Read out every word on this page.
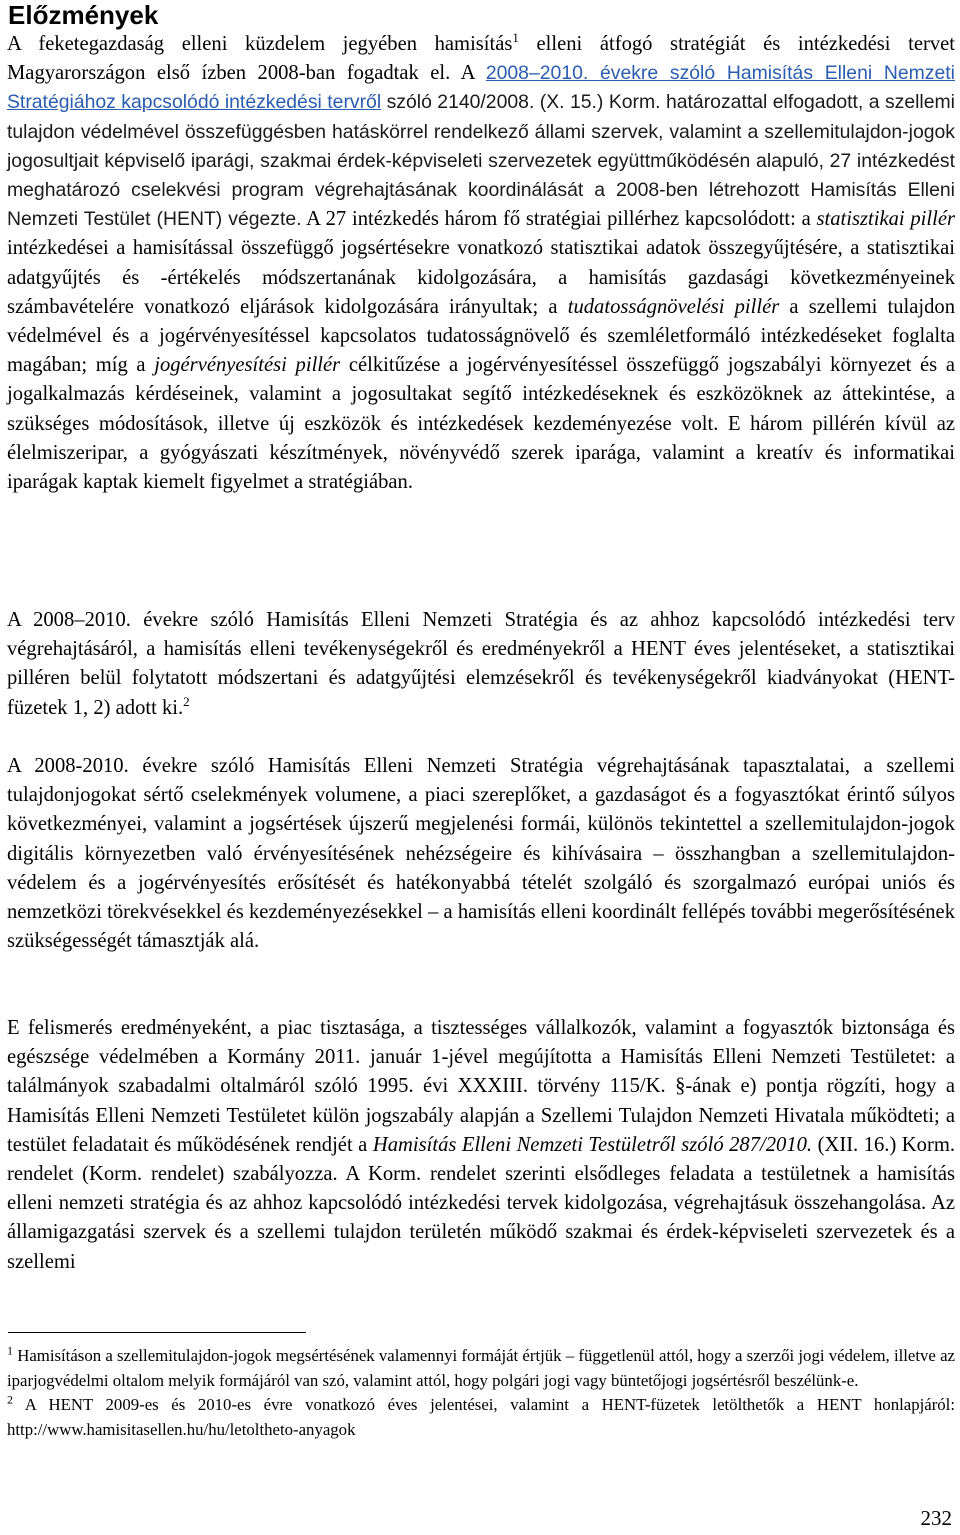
Előzmények

A feketegazdaság elleni küzdelem jegyében hamisítás$^1$ elleni átfogó stratégiát és intézkedési tervet Magyarországon első ízben 2008-ban fogadtak el. A 2008–2010. évekre szóló Hamisítás Elleni Nemzeti Stratégiához kapcsolódó intézkedési tervről szóló 2140/2008. (X. 15.) Korm. határozattal elfogadott, a szellemi tulajdon védelmével összefüggésben hatáskörrel rendelkező állami szervek, valamint a szellemitulajdon-jogok jogosultjait képviselő iparági, szakmai érdek-képviseleti szervezetek együttműködésén alapuló, 27 intézkedést meghatározó cselekvési program végrehajtásának koordinálását a 2008-ben létrehozott Hamisítás Elleni Nemzeti Testület (HENT) végezte. A 27 intézkedés három fő stratégiai pillérhez kapcsolódott: a statisztikai pillér intézkedései a hamisítással összefüggő jogsértésekre vonatkozó statisztikai adatok összegyűjtésére, a statisztikai adatgyűjtés és -értékelés módszertanának kidolgozására, a hamisítás gazdasági következményeinek számbavételére vonatkozó eljárások kidolgozására irányultak; a tudatosságnövelési pillér a szellemi tulajdon védelmével és a jogérvényesítéssel kapcsolatos tudatosságnövelő és szemléletformáló intézkedéseket foglalta magában; míg a jogérvényesítési pillér célkitűzése a jogérvényesítéssel összefüggő jogszabályi környezet és a jogalkalmazás kérdéseinek, valamint a jogosultakat segítő intézkedéseknek és eszközöknek az áttekintése, a szükséges módosítások, illetve új eszközök és intézkedések kezdeményezése volt. E három pillérén kívül az élelmiszeripar, a gyógyászati készítmények, növényvédő szerek iparága, valamint a kreatív és informatikai iparágak kaptak kiemelt figyelmet a stratégiában.

A 2008–2010. évekre szóló Hamisítás Elleni Nemzeti Stratégia és az ahhoz kapcsolódó intézkedési terv végrehajtásáról, a hamisítás elleni tevékenységekről és eredményekről a HENT éves jelentéseket, a statisztikai pilléren belül folytatott módszertani és adatgyűjtési elemzésekről és tevékenységekről kiadványokat (HENT-füzetek 1, 2) adott ki.$^2$

A 2008-2010. évekre szóló Hamisítás Elleni Nemzeti Stratégia végrehajtásának tapasztalatai, a szellemi tulajdonjogokat sértő cselekmények volumene, a piaci szereplőket, a gazdaságot és a fogyasztókat érintő súlyos következményei, valamint a jogsértések újszerű megjelenési formái, különös tekintettel a szellemitulajdon-jogok digitális környezetben való érvényesítésének nehézségeire és kihívásaira – összhangban a szellemitulajdon-védelem és a jogérvényesítés erősítését és hatékonyabbá tételét szolgáló és szorgalmazó európai uniós és nemzetközi törekvésekkel és kezdeményezésekkel – a hamisítás elleni koordinált fellépés további megerősítésének szükségességét támasztják alá.

E felismerés eredményeként, a piac tisztasága, a tisztességes vállalkozók, valamint a fogyasztók biztonsága és egészsége védelmében a Kormány 2011. január 1-jével megújította a Hamisítás Elleni Nemzeti Testületet: a találmányok szabadalmi oltalmáról szóló 1995. évi XXXIII. törvény 115/K. §-ának e) pontja rögzíti, hogy a Hamisítás Elleni Nemzeti Testületet külön jogszabály alapján a Szellemi Tulajdon Nemzeti Hivatala működteti; a testület feladatait és működésének rendjét a Hamisítás Elleni Nemzeti Testületről szóló 287/2010. (XII. 16.) Korm. rendelet (Korm. rendelet) szabályozza. A Korm. rendelet szerinti elsődleges feladata a testületnek a hamisítás elleni nemzeti stratégia és az ahhoz kapcsolódó intézkedési tervek kidolgozása, végrehajtásuk összehangolása. Az államigazgatási szervek és a szellemi tulajdon területén működő szakmai és érdek-képviseleti szervezetek és a szellemi

$^1$ Hamisításon a szellemitulajdon-jogok megsértésének valamennyi formáját értjük – függetlenül attól, hogy a szerzői jogi védelem, illetve az iparjogvédelmi oltalom melyik formájáról van szó, valamint attól, hogy polgári jogi vagy büntetőjogi jogsértésről beszélünk-e.

$^2$ A HENT 2009-es és 2010-es évre vonatkozó éves jelentései, valamint a HENT-füzetek letölthetők a HENT honlapjáról: http://www.hamisitasellen.hu/hu/letoltheto-anyagok

232
